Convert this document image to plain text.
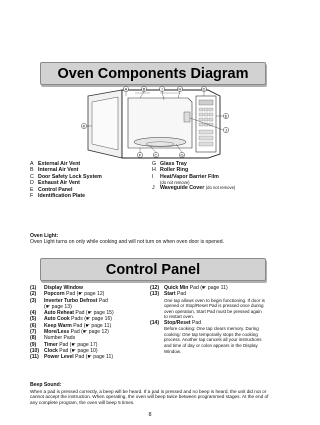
Oven Components Diagram
A	B	I	H	D
E
J
C	G
K
F
A External Air Vent
B Internal Air Vent
C Door Safety Lock System
D Exhaust Air Vent
E Control Panel
F Identification Plate
G Glass Tray
H Roller Ring
I Heat/Vapor Barrier Film
(do not remove)
J Waveguide Cover (do not remove)
Oven Light:
Oven Light turns on only while cooking and will not turn on when oven door is opened.
Control Panel
(1) Display Window
(2) Popcorn Pad (☛ page 12)
(3) Inverter Turbo Defrost Pad
(☛ page 13)
(4) Auto Reheat Pad (☛ page 15)
(5) Auto Cook Pads (☛ page 16)
(6) Keep Warm Pad (☛ page 11)
(7) More/Less Pad (☛ page 12)
(8) Number Pads
(9) Timer Pad (☛ page 17)
(10) Clock Pad (☛ page 10)
(11) Power Level Pad (☛ page 11)
(12) Quick Min Pad (☛ page 11)
(13) Start Pad
One tap allows oven to begin functioning. If door is opened or Stop/Reset Pad is pressed once during oven operation, Start Pad must be pressed again to restart oven.
(14) Stop/Reset Pad
Before cooking: One tap clears memory. During cooking: One tap temporarily stops the cooking process. Another tap cancels all your instructions and time of day or colon appears in the Display Window.
Beep Sound:
When a pad is pressed correctly, a beep will be heard. If a pad is pressed and no beep is heard, the unit did not or cannot accept the instruction. When operating, the oven will beep twice between programmed stages. At the end of any complete program, the oven will beep 5 times.
8
